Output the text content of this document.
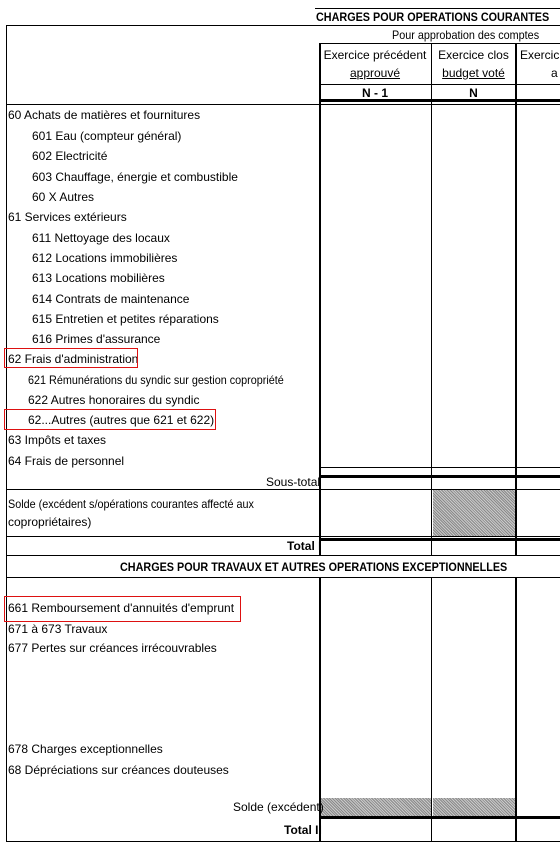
CHARGES POUR OPERATIONS COURANTES
Pour approbation des comptes
Exercice précédent
approuvé
Exercice clos
budget voté
Exercic
a
N - 1	N
60 Achats de matières et fournitures
601 Eau (compteur général)
602 Electricité
603 Chauffage, énergie et combustible
60 X Autres
61 Services extérieurs
611 Nettoyage des locaux
612 Locations immobilières
613 Locations mobilières
614 Contrats de maintenance
615 Entretien et petites réparations
616 Primes d'assurance
62 Frais d'administration
621 Rémunérations du syndic sur gestion copropriété
622 Autres honoraires du syndic
62...Autres (autres que 621 et 622)
63 Impôts et taxes
64 Frais de personnel
Sous-total
Solde (excédent s/opérations courantes affecté aux
copropriétaires)
Total I
CHARGES POUR TRAVAUX ET AUTRES OPERATIONS EXCEPTIONNELLES
661 Remboursement d'annuités d'emprunt
671 à 673 Travaux
677 Pertes sur créances irrécouvrables
678 Charges exceptionnelles
68 Dépréciations sur créances douteuses
Solde (excédent)
Total II
